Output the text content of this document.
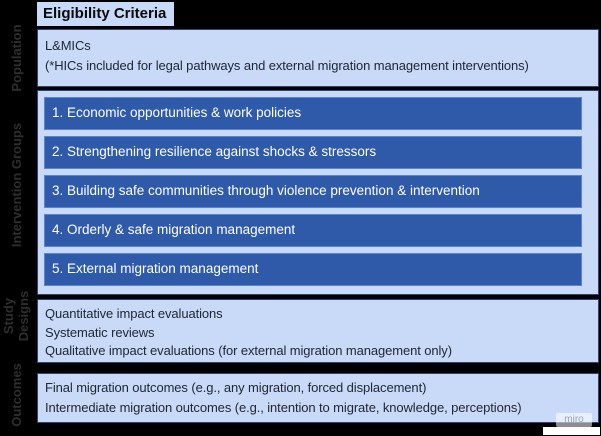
Eligibility Criteria
Population
Intervention Groups
Study Designs
Outcomes
L&MICs
(*HICs included for legal pathways and external migration management interventions)
1. Economic opportunities & work policies
2. Strengthening resilience against shocks & stressors
3. Building safe communities through violence prevention & intervention
4. Orderly & safe migration management
5. External migration management
Quantitative impact evaluations
Systematic reviews
Qualitative impact evaluations (for external migration management only)
Final migration outcomes (e.g., any migration, forced displacement)
Intermediate migration outcomes (e.g., intention to migrate, knowledge, perceptions)
miro
